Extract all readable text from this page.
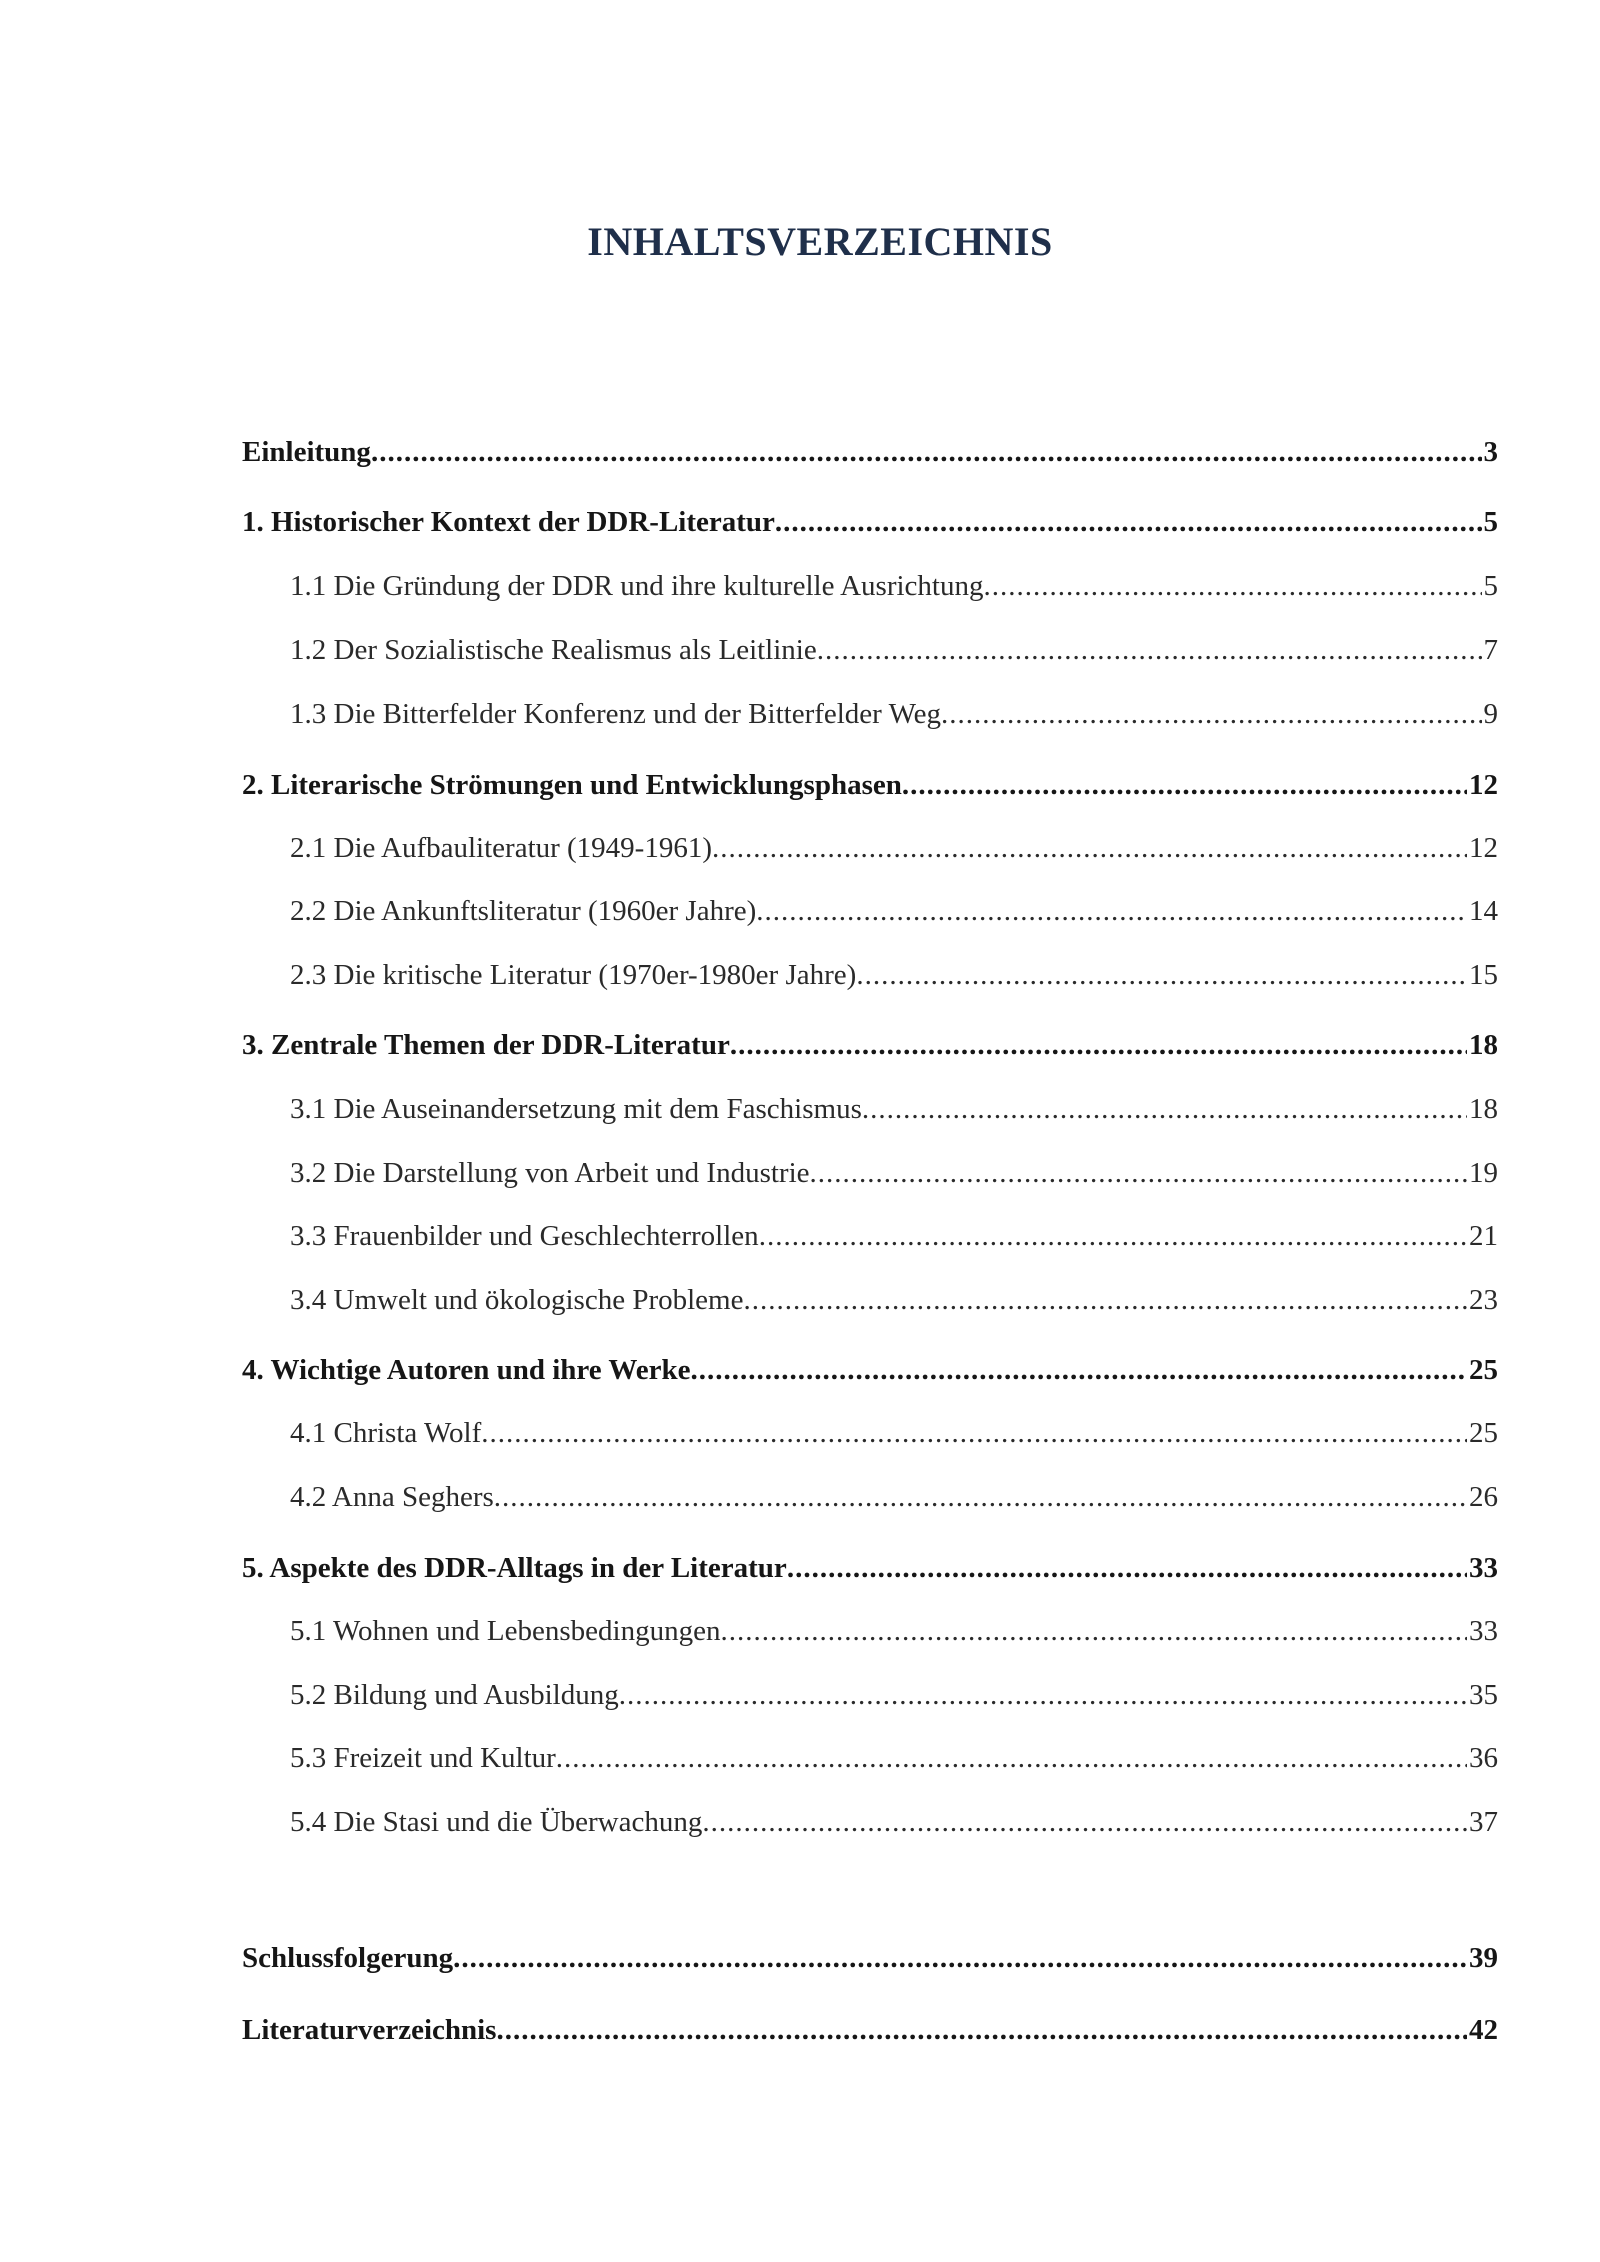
INHALTSVERZEICHNIS
Einleitung .....	3
1. Historischer Kontext der DDR-Literatur .....	5
1.1 Die Gründung der DDR und ihre kulturelle Ausrichtung .....	5
1.2 Der Sozialistische Realismus als Leitlinie .....	7
1.3 Die Bitterfelder Konferenz und der Bitterfelder Weg .....	9
2. Literarische Strömungen und Entwicklungsphasen .....	12
2.1 Die Aufbauliteratur (1949-1961) .....	12
2.2 Die Ankunftsliteratur (1960er Jahre) .....	14
2.3 Die kritische Literatur (1970er-1980er Jahre) .....	15
3. Zentrale Themen der DDR-Literatur .....	18
3.1 Die Auseinandersetzung mit dem Faschismus .....	18
3.2 Die Darstellung von Arbeit und Industrie .....	19
3.3 Frauenbilder und Geschlechterrollen .....	21
3.4 Umwelt und ökologische Probleme .....	23
4. Wichtige Autoren und ihre Werke .....	25
4.1 Christa Wolf .....	25
4.2 Anna Seghers .....	26
5. Aspekte des DDR-Alltags in der Literatur .....	33
5.1 Wohnen und Lebensbedingungen .....	33
5.2 Bildung und Ausbildung .....	35
5.3 Freizeit und Kultur .....	36
5.4 Die Stasi und die Überwachung .....	37
Schlussfolgerung .....	39
Literaturverzeichnis .....	42
